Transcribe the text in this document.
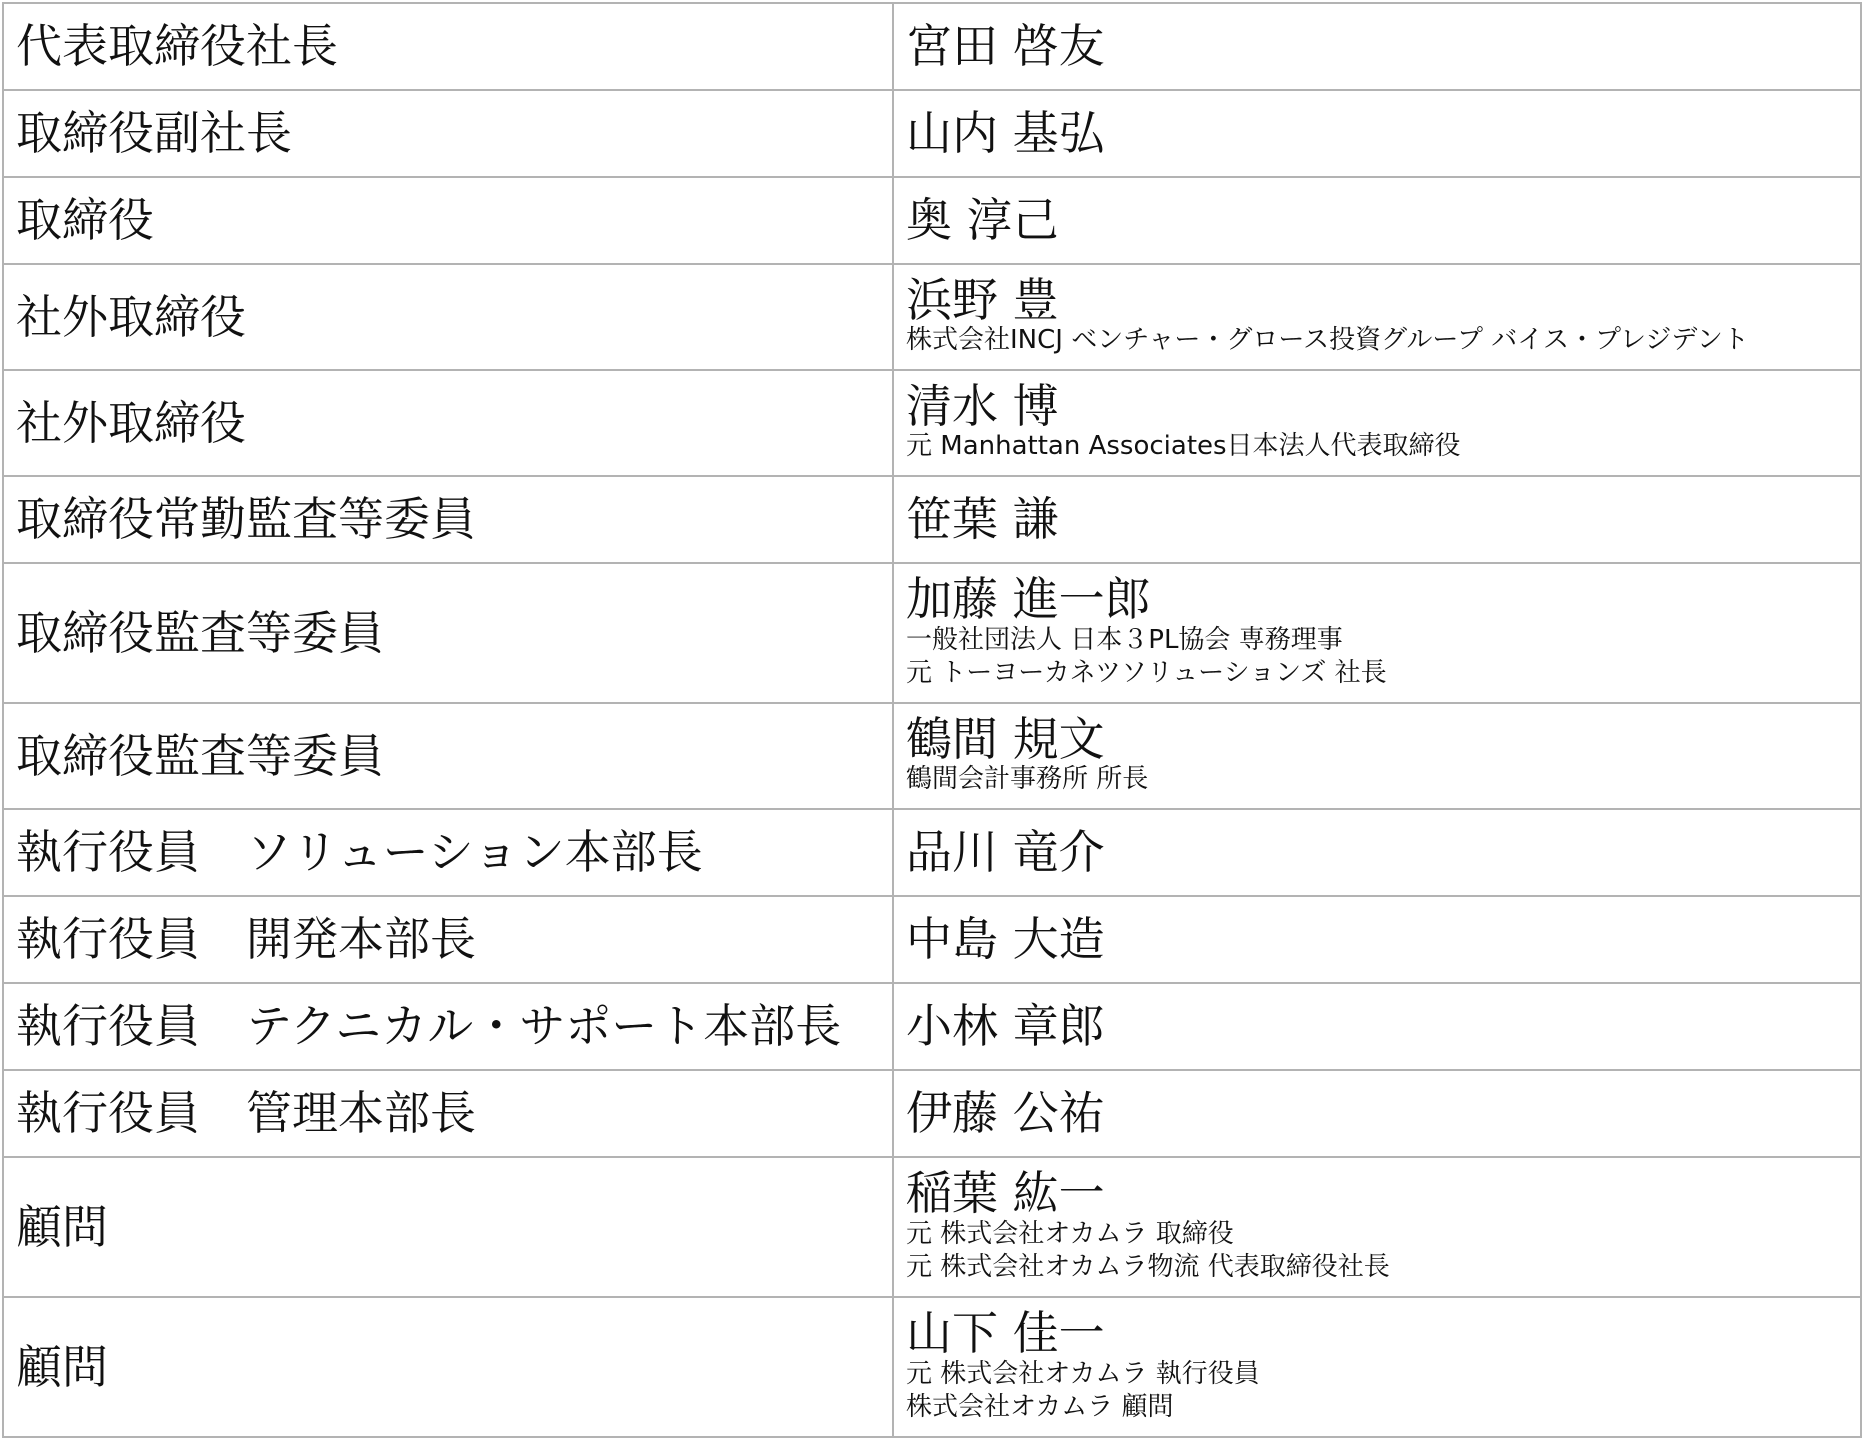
代表取締役社長	宮田 啓友

取締役副社長	山内 基弘

取締役	奥 淳己

社外取締役	浜野 豊
株式会社INCJ ベンチャー・グロース投資グループ バイス・プレジデント

社外取締役	清水 博
元 Manhattan Associates日本法人代表取締役

取締役常勤監査等委員	笹葉 謙

取締役監査等委員	加藤 進一郎
一般社団法人 日本３PL協会 専務理事
元 トーヨーカネツソリューションズ 社長

取締役監査等委員	鶴間 規文
鶴間会計事務所 所長

執行役員　ソリューション本部長	品川 竜介

執行役員　開発本部長	中島 大造

執行役員　テクニカル・サポート本部長	小林 章郎

執行役員　管理本部長	伊藤 公祐

顧問	稲葉 紘一
元 株式会社オカムラ 取締役
元 株式会社オカムラ物流 代表取締役社長

顧問	山下 佳一
元 株式会社オカムラ 執行役員
株式会社オカムラ 顧問
